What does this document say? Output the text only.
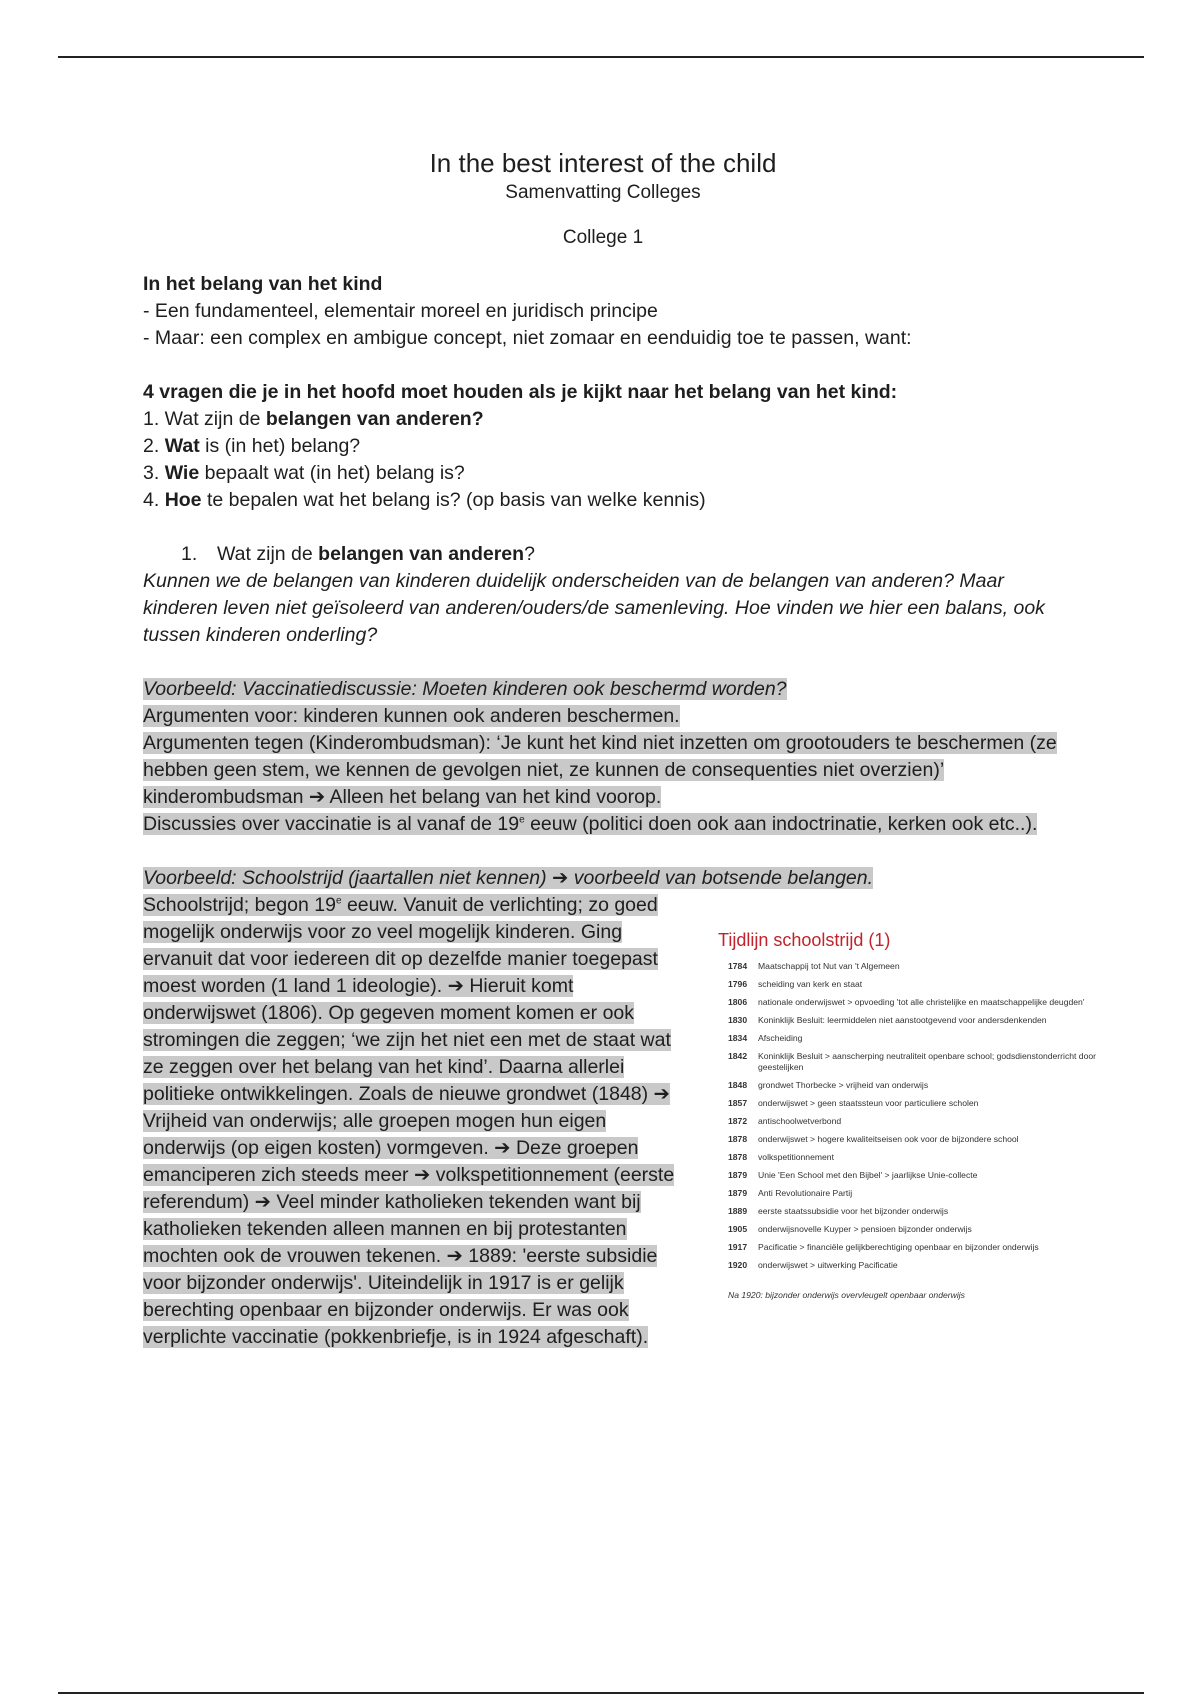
In the best interest of the child
Samenvatting Colleges
College 1

In het belang van het kind

- Een fundamenteel, elementair moreel en juridisch principe

- Maar: een complex en ambigue concept, niet zomaar en eenduidig toe te passen, want:

4 vragen die je in het hoofd moet houden als je kijkt naar het belang van het kind:

1. Wat zijn de belangen van anderen?

2. Wat is (in het) belang?

3. Wie bepaalt wat (in het) belang is?

4. Hoe te bepalen wat het belang is? (op basis van welke kennis)

1. Wat zijn de belangen van anderen?

Kunnen we de belangen van kinderen duidelijk onderscheiden van de belangen van anderen? Maar kinderen leven niet geïsoleerd van anderen/ouders/de samenleving. Hoe vinden we hier een balans, ook tussen kinderen onderling?

Voorbeeld: Vaccinatiediscussie: Moeten kinderen ook beschermd worden?
Argumenten voor: kinderen kunnen ook anderen beschermen.
Argumenten tegen (Kinderombudsman): ‘Je kunt het kind niet inzetten om grootouders te beschermen (ze hebben geen stem, we kennen de gevolgen niet, ze kunnen de consequenties niet overzien)’ kinderombudsman ➔ Alleen het belang van het kind voorop.
Discussies over vaccinatie is al vanaf de 19e eeuw (politici doen ook aan indoctrinatie, kerken ook etc..).

Voorbeeld: Schoolstrijd (jaartallen niet kennen) ➔ voorbeeld van botsende belangen.

Schoolstrijd; begon 19e eeuw. Vanuit de verlichting; zo goed mogelijk onderwijs voor zo veel mogelijk kinderen. Ging ervanuit dat voor iedereen dit op dezelfde manier toegepast moest worden (1 land 1 ideologie). ➔ Hieruit komt onderwijswet (1806). Op gegeven moment komen er ook stromingen die zeggen; ‘we zijn het niet een met de staat wat ze zeggen over het belang van het kind’. Daarna allerlei politieke ontwikkelingen. Zoals de nieuwe grondwet (1848) ➔ Vrijheid van onderwijs; alle groepen mogen hun eigen onderwijs (op eigen kosten) vormgeven. ➔ Deze groepen emanciperen zich steeds meer ➔ volkspetitionnement (eerste referendum) ➔ Veel minder katholieken tekenden want bij katholieken tekenden alleen mannen en bij protestanten mochten ook de vrouwen tekenen. ➔ 1889: 'eerste subsidie voor bijzonder onderwijs'. Uiteindelijk in 1917 is er gelijk berechting openbaar en bijzonder onderwijs. Er was ook verplichte vaccinatie (pokkenbriefje, is in 1924 afgeschaft).

Tijdlijn schoolstrijd (1)
1784	Maatschappij tot Nut van 't Algemeen
1796	scheiding van kerk en staat
1806	nationale onderwijswet > opvoeding 'tot alle christelijke en maatschappelijke deugden'
1830	Koninklijk Besluit: leermiddelen niet aanstootgevend voor andersdenkenden
1834	Afscheiding
1842	Koninklijk Besluit > aanscherping neutraliteit openbare school; godsdienstonderricht door geestelijken
1848	grondwet Thorbecke > vrijheid van onderwijs
1857	onderwijswet > geen staatssteun voor particuliere scholen
1872	antischoolwetverbond
1878	onderwijswet > hogere kwaliteitseisen ook voor de bijzondere school
1878	volkspetitionnement
1879	Unie 'Een School met den Bijbel' > jaarlijkse Unie-collecte
1879	Anti Revolutionaire Partij
1889	eerste staatssubsidie voor het bijzonder onderwijs
1905	onderwijsnovelle Kuyper > pensioen bijzonder onderwijs
1917	Pacificatie > financiële gelijkberechtiging openbaar en bijzonder onderwijs
1920	onderwijswet > uitwerking Pacificatie
Na 1920: bijzonder onderwijs overvleugelt openbaar onderwijs
